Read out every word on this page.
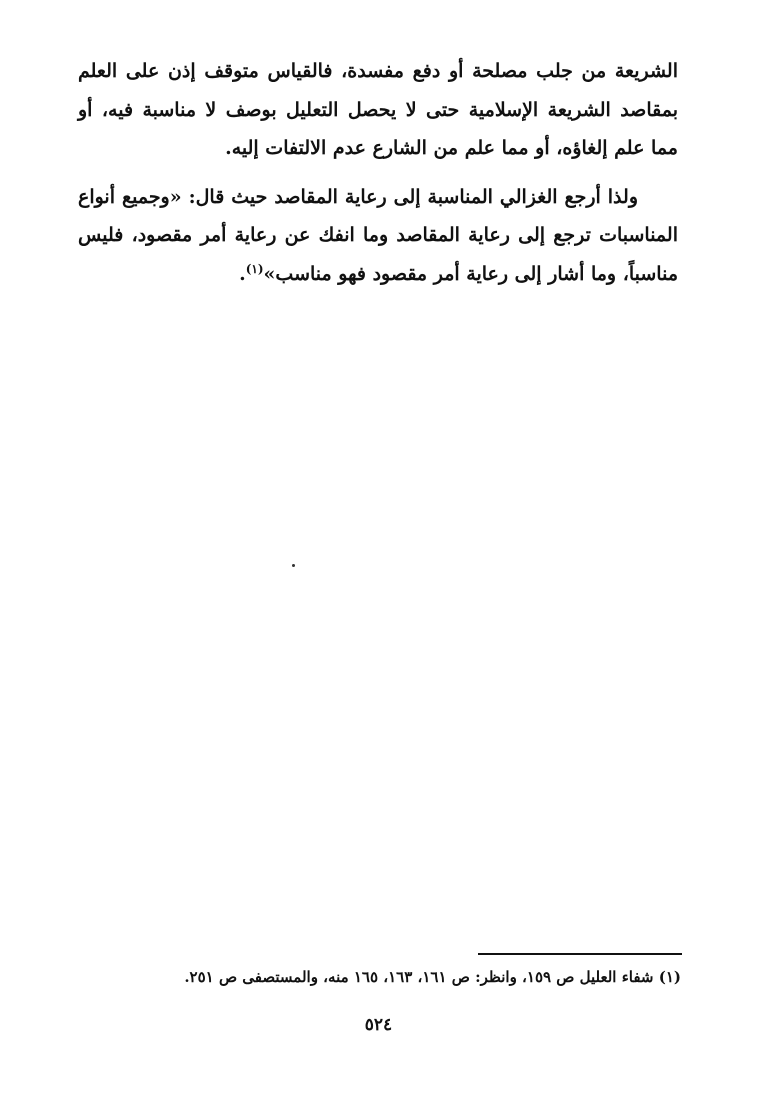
الشريعة من جلب مصلحة أو دفع مفسدة، فالقياس متوقف إذن على العلم بمقاصد الشريعة الإسلامية حتى لا يحصل التعليل بوصف لا مناسبة فيه، أو مما علم إلغاؤه، أو مما علم من الشارع عدم الالتفات إليه.

ولذا أرجع الغزالي المناسبة إلى رعاية المقاصد حيث قال: «وجميع أنواع المناسبات ترجع إلى رعاية المقاصد وما انفك عن رعاية أمر مقصود، فليس مناسباً، وما أشار إلى رعاية أمر مقصود فهو مناسب»$^{(١)}$.

(١) شفاء العليل ص ١٥٩، وانظر: ص ١٦١، ١٦٣، ١٦٥ منه، والمستصفى ص ٢٥١.
٥٢٤
